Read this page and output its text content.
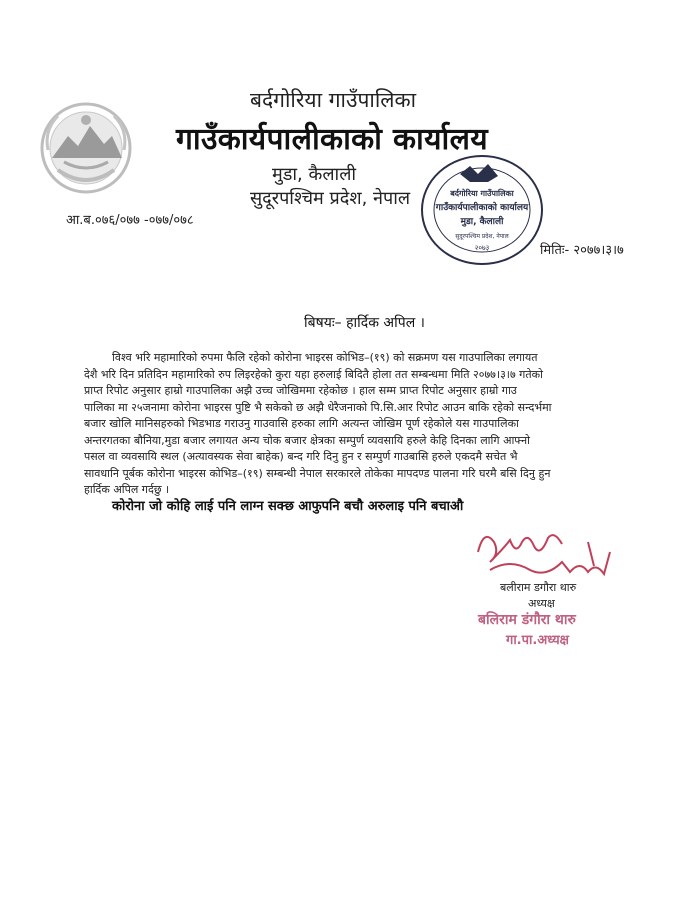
बर्दगोरिया गाउँपालिका
गाउँकार्यपालीकाको कार्यालय
मुडा, कैलाली
सुदूरपश्चिम प्रदेश, नेपाल	बर्दगोरिया गाउँपालिका
गाउँकार्यपालीकाको कार्यालय
मुडा, कैलाली
सुदूरपश्चिम प्रदेश, नेपाल
२०७३
आ.ब.०७६/०७७ -०७७/०७८
मितिः- २०७७।३।७
बिषयः– हार्दिक अपिल ।
विश्व भरि महामारिको रुपमा फैलि रहेको कोरोना भाइरस कोभिड–(१९) को सक्रमण यस गाउपालिका लगायत
देशै भरि दिन प्रतिदिन महामारिको रुप लिइरहेको कुरा यहा हरुलाई बिदितै होला तत सम्बन्धमा मिति २०७७।३।७ गतेको
प्राप्त रिपोट अनुसार हाम्रो गाउपालिका अझै उच्च जोखिममा रहेकोछ । हाल सम्म प्राप्त रिपोट अनुसार हाम्रो गाउ
पालिका मा २५जनामा कोरोना भाइरस पुष्टि भै सकेको छ अझै धेरैजनाको पि.सि.आर रिपोट आउन बाकि रहेको सन्दर्भमा
बजार खोलि मानिसहरुको भिडभाड गराउनु गाउवासि हरुका लागि अत्यन्त जोखिम पूर्ण रहेकोले यस गाउपालिका
अन्तरगतका बौनिया,मुडा बजार लगायत अन्य चोक बजार क्षेत्रका सम्पुर्ण व्यवसायि हरुले केहि दिनका लागि आफ्नो
पसल वा व्यवसायि स्थल (अत्यावस्यक सेवा बाहेक) बन्द गरि दिनु हुन र सम्पुर्ण गाउबासि हरुले एकदमै सचेत भै
सावधानि पूर्बक कोरोना भाइरस कोभिड–(१९) सम्बन्धी नेपाल सरकारले तोकेका मापदण्ड पालना गरि घरमै बसि दिनु हुन
हार्दिक अपिल गर्दछु ।
कोरोना जो कोहि लाई पनि लाग्न सक्छ आफुपनि बचौ अरुलाइ पनि बचाऔ
बलीराम डगौरा थारु
अध्यक्ष
बलिराम डंगौरा थारु
गा.पा.अध्यक्ष
